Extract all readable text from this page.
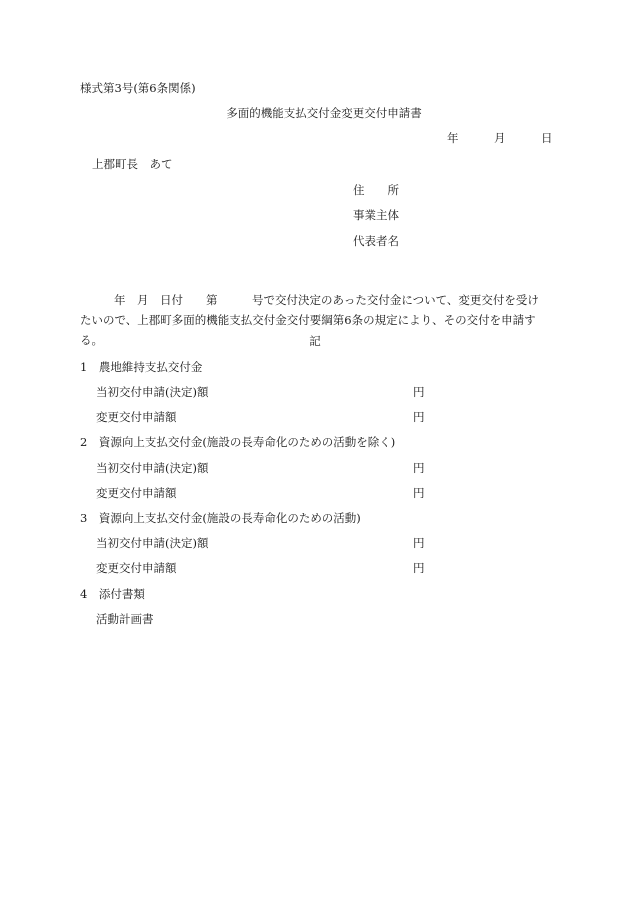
様式第3号(第6条関係)
多面的機能支払交付金変更交付申請書
年	月	日
上郡町長　あて
住　　所
事業主体
代表者名
年　月　日付　　第　　　号で交付決定のあった交付金について、変更交付を受けたいので、上郡町多面的機能支払交付金交付要綱第6条の規定により、その交付を申請する。	記
1　 農地維持支払交付金
当初交付申請(決定)額	円
変更交付申請額	円
2　 資源向上支払交付金(施設の長寿命化のための活動を除く)
当初交付申請(決定)額	円
変更交付申請額	円
3　 資源向上支払交付金(施設の長寿命化のための活動)
当初交付申請(決定)額	円
変更交付申請額	円
4　 添付書類
活動計画書
